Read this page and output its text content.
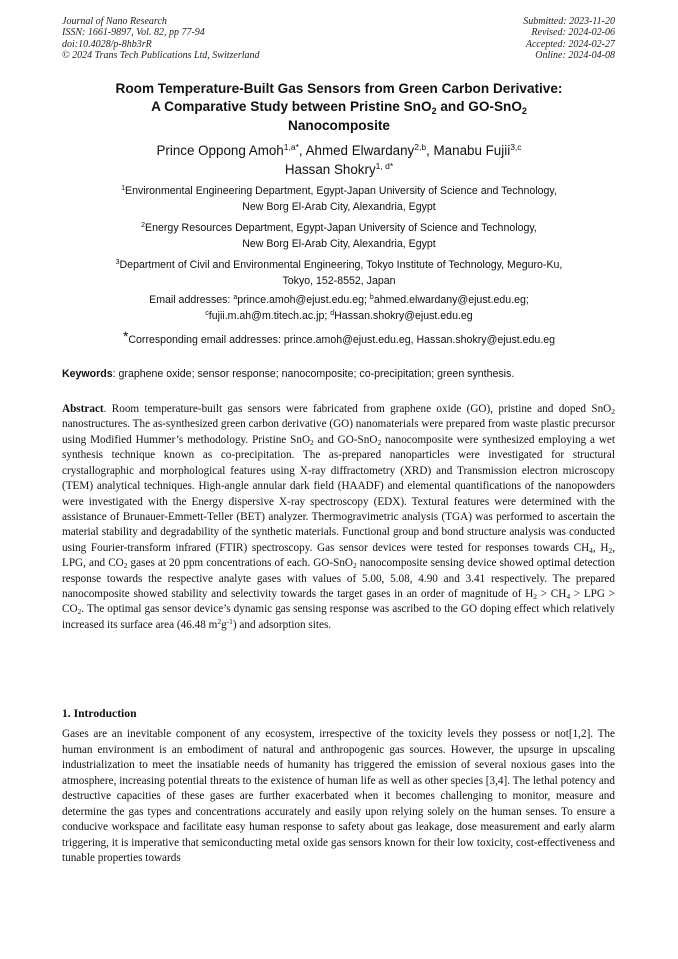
Journal of Nano Research
ISSN: 1661-9897, Vol. 82, pp 77-94
doi:10.4028/p-8hb3rR
© 2024 Trans Tech Publications Ltd, Switzerland
Submitted: 2023-11-20
Revised: 2024-02-06
Accepted: 2024-02-27
Online: 2024-04-08
Room Temperature-Built Gas Sensors from Green Carbon Derivative:
A Comparative Study between Pristine SnO$_2$ and GO-SnO$_2$
Nanocomposite
Prince Oppong Amoh$^{1,a*}$, Ahmed Elwardany$^{2,b}$, Manabu Fujii$^{3,c}$
Hassan Shokry$^{1, d*}$
$^1$Environmental Engineering Department, Egypt-Japan University of Science and Technology,
New Borg El-Arab City, Alexandria, Egypt
$^2$Energy Resources Department, Egypt-Japan University of Science and Technology,
New Borg El-Arab City, Alexandria, Egypt
$^3$Department of Civil and Environmental Engineering, Tokyo Institute of Technology, Meguro-Ku,
Tokyo, 152-8552, Japan
Email addresses: $^a$prince.amoh@ejust.edu.eg; $^b$ahmed.elwardany@ejust.edu.eg;
$^c$fujii.m.ah@m.titech.ac.jp; $^d$Hassan.shokry@ejust.edu.eg
*Corresponding email addresses: prince.amoh@ejust.edu.eg, Hassan.shokry@ejust.edu.eg
Keywords: graphene oxide; sensor response; nanocomposite; co-precipitation; green synthesis.
Abstract. Room temperature-built gas sensors were fabricated from graphene oxide (GO), pristine and doped SnO$_2$ nanostructures. The as-synthesized green carbon derivative (GO) nanomaterials were prepared from waste plastic precursor using Modified Hummer’s methodology. Pristine SnO$_2$ and GO-SnO$_2$ nanocomposite were synthesized employing a wet synthesis technique known as co-precipitation. The as-prepared nanoparticles were investigated for structural crystallographic and morphological features using X-ray diffractometry (XRD) and Transmission electron microscopy (TEM) analytical techniques. High-angle annular dark field (HAADF) and elemental quantifications of the nanopowders were investigated with the Energy dispersive X-ray spectroscopy (EDX). Textural features were determined with the assistance of Brunauer-Emmett-Teller (BET) analyzer. Thermogravimetric analysis (TGA) was performed to ascertain the material stability and degradability of the synthetic materials. Functional group and bond structure analysis was conducted using Fourier-transform infrared (FTIR) spectroscopy. Gas sensor devices were tested for responses towards $CH_4$, $H_2$, LPG, and $CO_2$ gases at 20 ppm concentrations of each. GO-SnO$_2$ nanocomposite sensing device showed optimal detection response towards the respective analyte gases with values of 5.00, 5.08, 4.90 and 3.41 respectively. The prepared nanocomposite showed stability and selectivity towards the target gases in an order of magnitude of $H_2 > CH_4$ > LPG > $CO_2$. The optimal gas sensor device’s dynamic gas sensing response was ascribed to the GO doping effect which relatively increased its surface area (46.48 $m^2g^{-1}$) and adsorption sites.
1. Introduction
Gases are an inevitable component of any ecosystem, irrespective of the toxicity levels they possess or not[1,2]. The human environment is an embodiment of natural and anthropogenic gas sources. However, the upsurge in upscaling industrialization to meet the insatiable needs of humanity has triggered the emission of several noxious gases into the atmosphere, increasing potential threats to the existence of human life as well as other species [3,4]. The lethal potency and destructive capacities of these gases are further exacerbated when it becomes challenging to monitor, measure and determine the gas types and concentrations accurately and easily upon relying solely on the human senses. To ensure a conducive workspace and facilitate easy human response to safety about gas leakage, dose measurement and early alarm triggering, it is imperative that semiconducting metal oxide gas sensors known for their low toxicity, cost-effectiveness and tunable properties towards
